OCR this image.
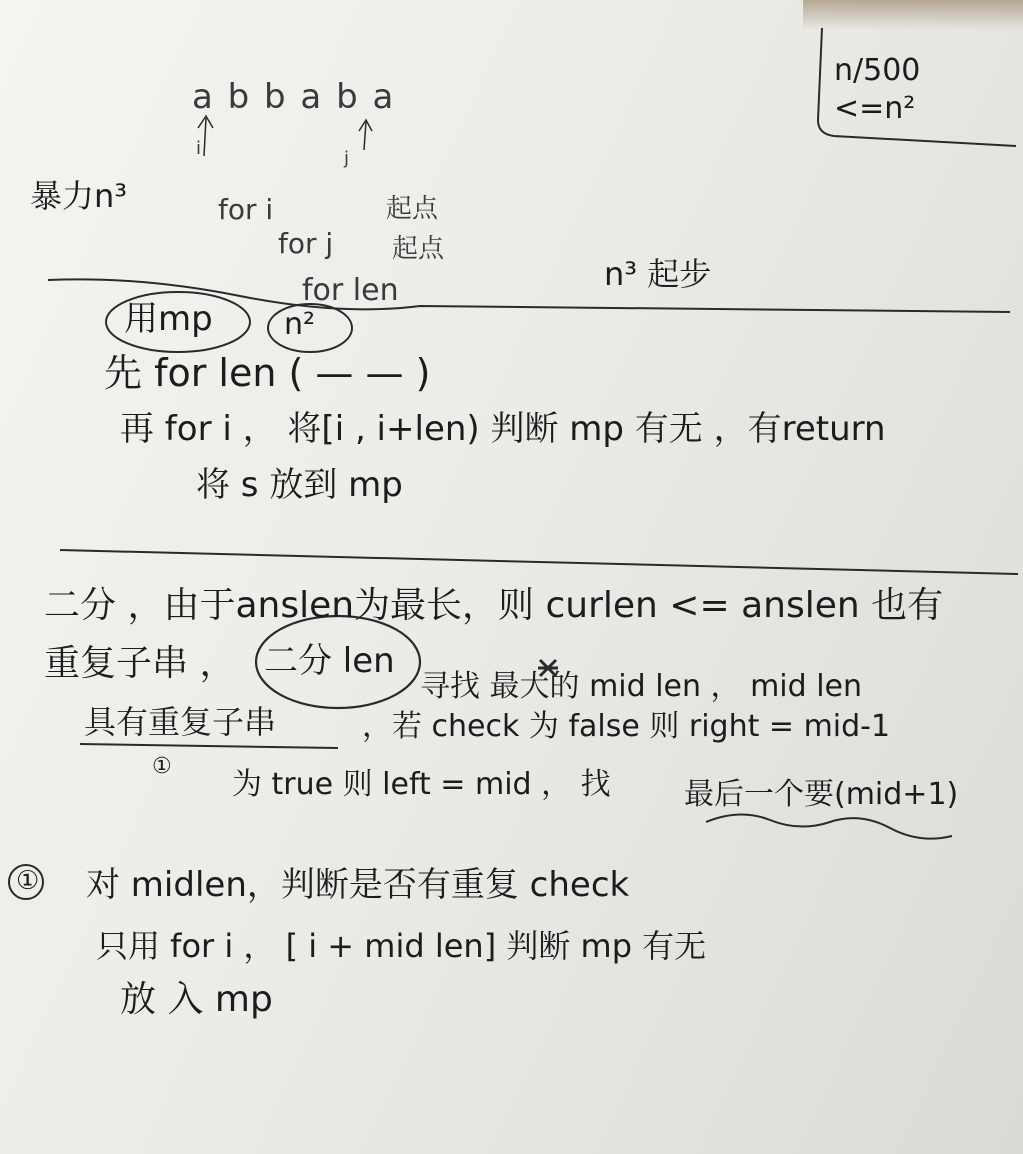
n/500
<=n²
a b b a b a
i	j
暴力n³	for i	起点
for j 起点
for len	n³ 起步
用mp n²
先 for len ( — — )
再 for i ， 将[i , i+len) 判断 mp 有无 ，有return
将 s 放到 mp
二分 ，由于anslen为最长，则 curlen <= anslen 也有
重复子串 ， 二分 len
寻找 最大的 mid len ， mid len
具有重复子串	，若 check 为 false 则 right = mid-1
①
为 true 则 left = mid ， 找 最后一个要(mid+1)
① 对 midlen，判断是否有重复 check
只用 for i ， [ i + mid len] 判断 mp 有无
放 入 mp
